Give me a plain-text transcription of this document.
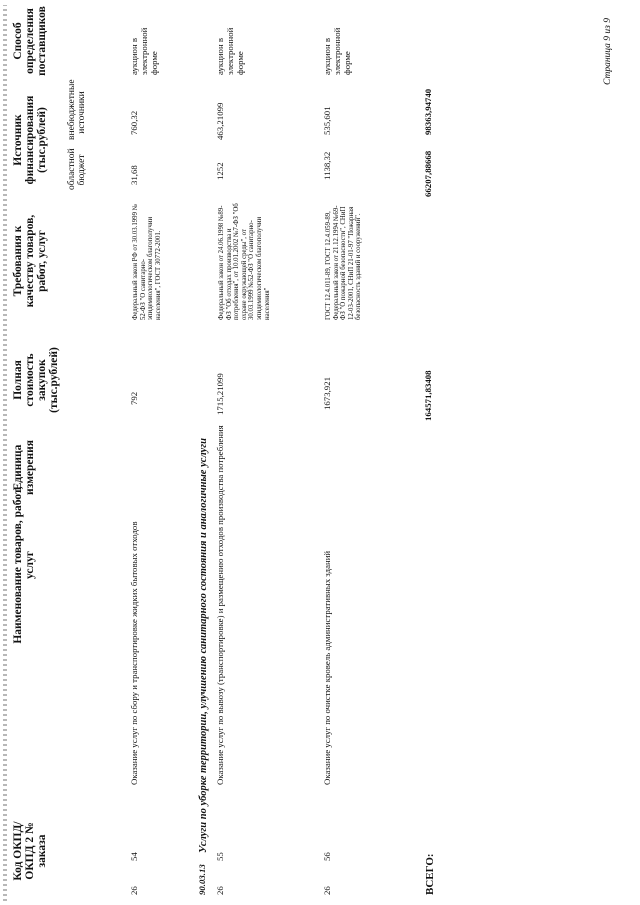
Код ОКПД/ ОКПД 2 № заказа
Наименование товаров, работ, услуг
Единица измерения
Полная стоимость закупок (тыс.рублей)
Требования к качеству товаров, работ, услуг
Источник финансирования (тыс.рублей) областной бюджет
внебюджетные источники
Способ определения поставщиков
26
54
Оказание услуг по сбору и транспортировке жидких бытовых отходов
792
Федеральный закон РФ от 30.03.1999 № 52-ФЗ "О санитарно-эпидемиологическом благополучии населения", ГОСТ 30772-2001.
31,68
760,32
аукцион в электронной форме
90.03.13
Услуги по уборке территории, улучшению санитарного состояния и аналогичные услуги
26
55
Оказание услуг по вывозу (транспортировке) и размещению отходов производства потребления
1715,21099
Федеральный закон от 24.06.1998 №89-ФЗ "Об отходах производства и потребления", от 10.01.2002 №7-ФЗ "Об охране окружающей среды", от 30.03.1999 №52-ФЗ "О санитарно-эпидемиологическом благополучии населения"
1252
463,21099
аукцион в электронной форме
26
56
Оказание услуг по очистке кровель административных зданий
1673,921
ГОСТ 12.4.011-89, ГОСТ 12.4.059-89, Федеральный закон от 21.12.1994 №69-ФЗ "О пожарной безопасности", СНиП 12-03-2001, СНиП 21-01-97 "Пожарная безопасность зданий и сооружений".
1138,32
535,601
аукцион в электронной форме
ВСЕГО:
164571,83408
66207,88668
98363,94740
Страница 9 из 9
